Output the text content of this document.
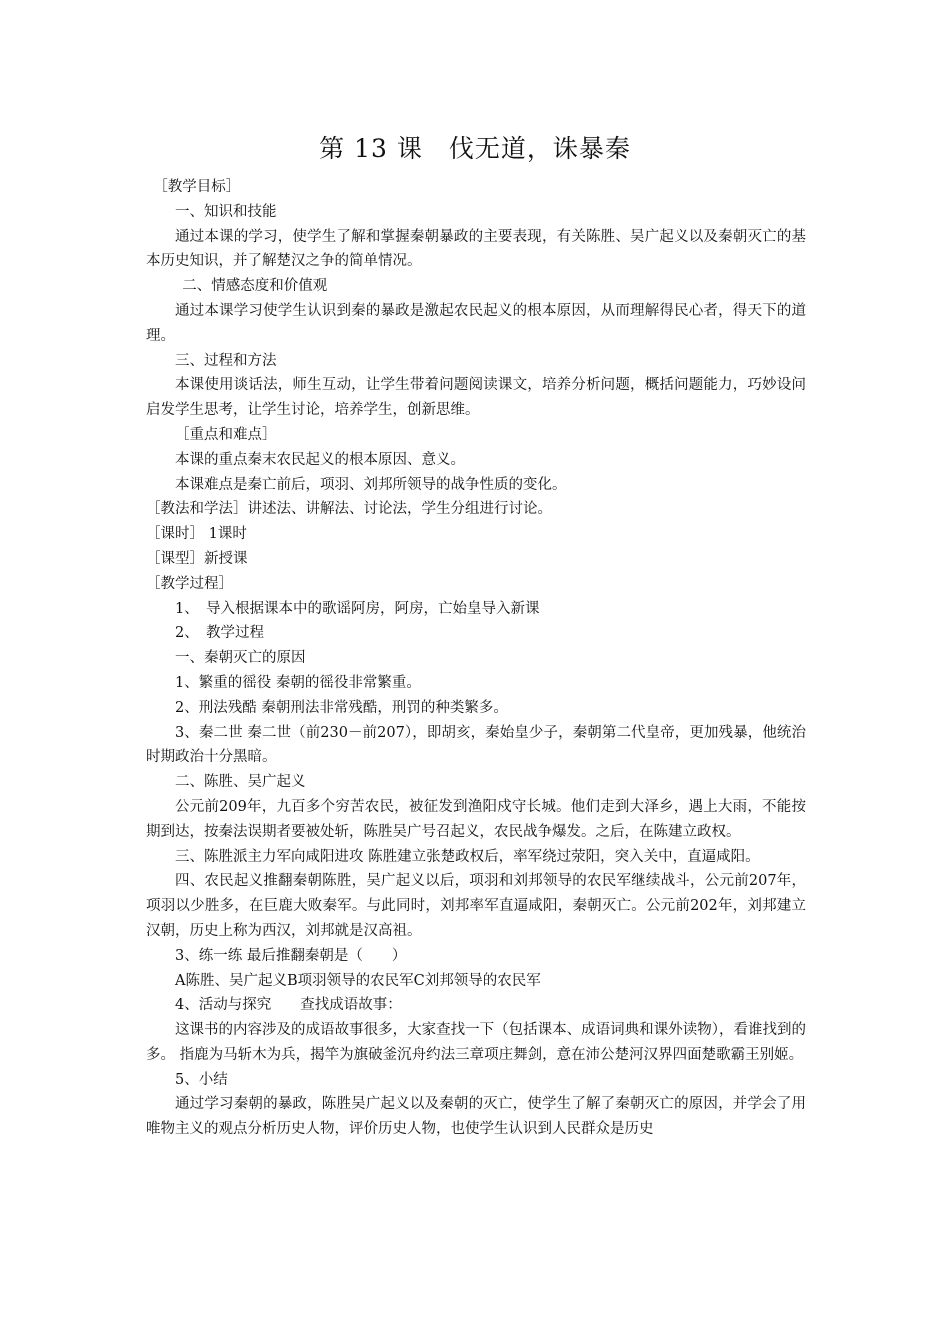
第 13 课　伐无道，诛暴秦

［教学目标］

一、知识和技能

通过本课的学习，使学生了解和掌握秦朝暴政的主要表现，有关陈胜、吴广起义以及秦朝灭亡的基本历史知识，并了解楚汉之争的简单情况。

二、情感态度和价值观

通过本课学习使学生认识到秦的暴政是激起农民起义的根本原因，从而理解得民心者，得天下的道理。

三、过程和方法

本课使用谈话法，师生互动，让学生带着问题阅读课文，培养分析问题，概括问题能力，巧妙设问启发学生思考，让学生讨论，培养学生，创新思维。

［重点和难点］

本课的重点秦末农民起义的根本原因、意义。

本课难点是秦亡前后，项羽、刘邦所领导的战争性质的变化。

［教法和学法］讲述法、讲解法、讨论法，学生分组进行讨论。

［课时］ 1课时

［课型］新授课

［教学过程］

1、　导入根据课本中的歌谣阿房，阿房，亡始皇导入新课

2、　教学过程

一、秦朝灭亡的原因

1、繁重的徭役 秦朝的徭役非常繁重。

2、刑法残酷 秦朝刑法非常残酷，刑罚的种类繁多。

3、秦二世 秦二世（前230－前207），即胡亥，秦始皇少子，秦朝第二代皇帝，更加残暴，他统治时期政治十分黑暗。

二、陈胜、吴广起义

公元前209年，九百多个穷苦农民，被征发到渔阳戍守长城。他们走到大泽乡，遇上大雨，不能按期到达，按秦法误期者要被处斩，陈胜吴广号召起义，农民战争爆发。之后，在陈建立政权。

三、陈胜派主力军向咸阳进攻 陈胜建立张楚政权后，率军绕过荥阳，突入关中，直逼咸阳。

四、农民起义推翻秦朝陈胜，吴广起义以后，项羽和刘邦领导的农民军继续战斗，公元前207年，项羽以少胜多，在巨鹿大败秦军。与此同时，刘邦率军直逼咸阳，秦朝灭亡。公元前202年，刘邦建立汉朝，历史上称为西汉，刘邦就是汉高祖。

3、练一练 最后推翻秦朝是（　　）

A陈胜、吴广起义B项羽领导的农民军C刘邦领导的农民军

4、活动与探究　　查找成语故事：

这课书的内容涉及的成语故事很多，大家查找一下（包括课本、成语词典和课外读物），看谁找到的多。 指鹿为马斩木为兵，揭竿为旗破釜沉舟约法三章项庄舞剑，意在沛公楚河汉界四面楚歌霸王别姬。

5、小结

通过学习秦朝的暴政，陈胜吴广起义以及秦朝的灭亡，使学生了解了秦朝灭亡的原因，并学会了用唯物主义的观点分析历史人物，评价历史人物，也使学生认识到人民群众是历史
